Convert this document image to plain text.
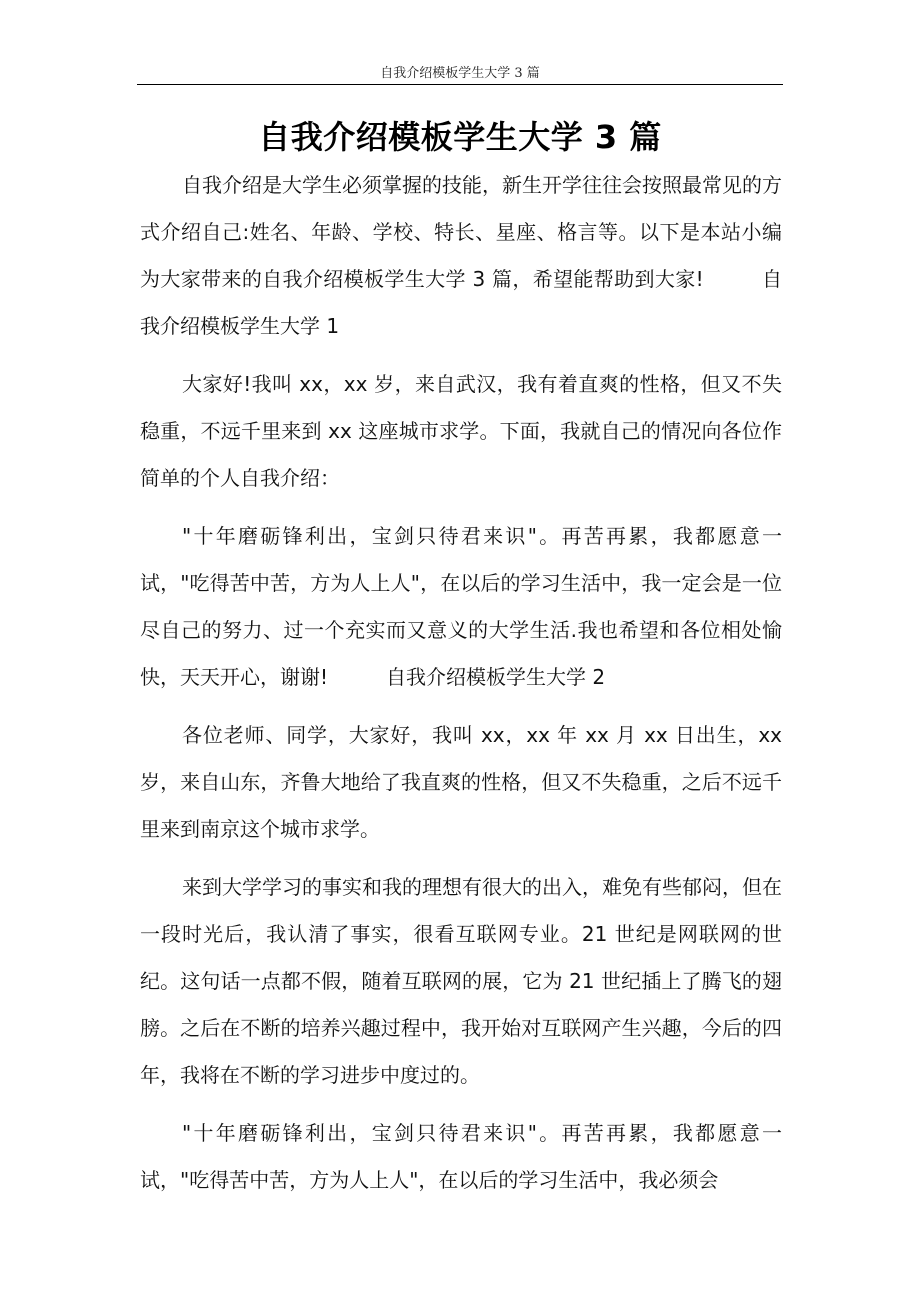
自我介绍模板学生大学 3 篇
自我介绍模板学生大学 3 篇

自我介绍是大学生必须掌握的技能，新生开学往往会按照最常见的方式介绍自己:姓名、年龄、学校、特长、星座、格言等。以下是本站小编为大家带来的自我介绍模板学生大学 3 篇，希望能帮助到大家!	自我介绍模板学生大学 1

大家好!我叫 xx，xx 岁，来自武汉，我有着直爽的性格，但又不失稳重，不远千里来到 xx 这座城市求学。下面，我就自己的情况向各位作简单的个人自我介绍：

"十年磨砺锋利出，宝剑只待君来识"。再苦再累，我都愿意一试，"吃得苦中苦，方为人上人"，在以后的学习生活中，我一定会是一位尽自己的努力、过一个充实而又意义的大学生活.我也希望和各位相处愉快，天天开心，谢谢!	自我介绍模板学生大学 2

各位老师、同学，大家好，我叫 xx，xx 年 xx 月 xx 日出生，xx 岁，来自山东，齐鲁大地给了我直爽的性格，但又不失稳重，之后不远千里来到南京这个城市求学。

来到大学学习的事实和我的理想有很大的出入，难免有些郁闷，但在一段时光后，我认清了事实，很看互联网专业。21 世纪是网联网的世纪。这句话一点都不假，随着互联网的展，它为 21 世纪插上了腾飞的翅膀。之后在不断的培养兴趣过程中，我开始对互联网产生兴趣，今后的四年，我将在不断的学习进步中度过的。

"十年磨砺锋利出，宝剑只待君来识"。再苦再累，我都愿意一试，"吃得苦中苦，方为人上人"，在以后的学习生活中，我必须会
